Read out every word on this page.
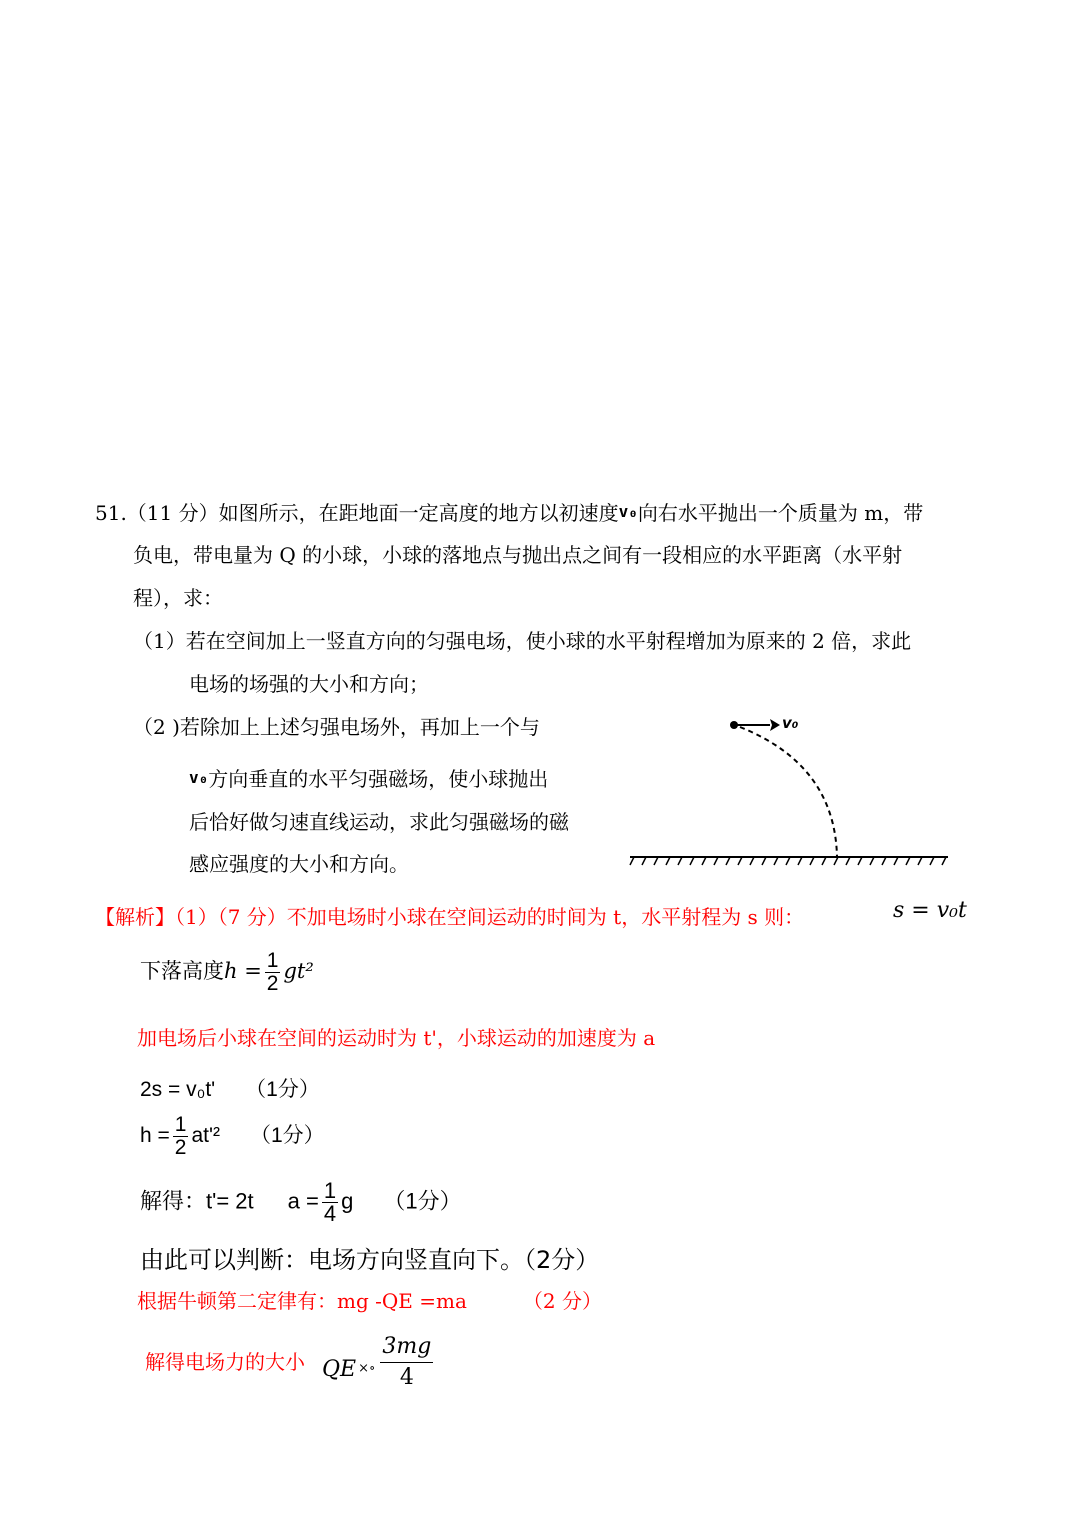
51.（11 分）如图所示，在距地面一定高度的地方以初速度v₀向右水平抛出一个质量为 m，带
负电，带电量为 Q 的小球，小球的落地点与抛出点之间有一段相应的水平距离（水平射
程），求：
（1）若在空间加上一竖直方向的匀强电场，使小球的水平射程增加为原来的 2 倍，求此
电场的场强的大小和方向；
（2 )若除加上上述匀强电场外，再加上一个与
v₀方向垂直的水平匀强磁场，使小球抛出
后恰好做匀速直线运动，求此匀强磁场的磁
感应强度的大小和方向。
v₀
【解析】（1）（7 分）不加电场时小球在空间运动的时间为 t，水平射程为 s 则：	s = v₀t
下落高度$h = \frac{1}{2} gt^2$
加电场后小球在空间的运动时为 t'，小球运动的加速度为 a
2s = v₀t' （1分）
$h = \frac{1}{2} at'^2$ （1分）
解得：t'= 2t $a = \frac{1}{4}$ g （1分）
由此可以判断：电场方向竖直向下。（2分）
根据牛顿第二定律有：mg -QE =ma	（2 分）
解得电场力的大小 QE $_{\times\circ} \frac{3mg}{4}$
